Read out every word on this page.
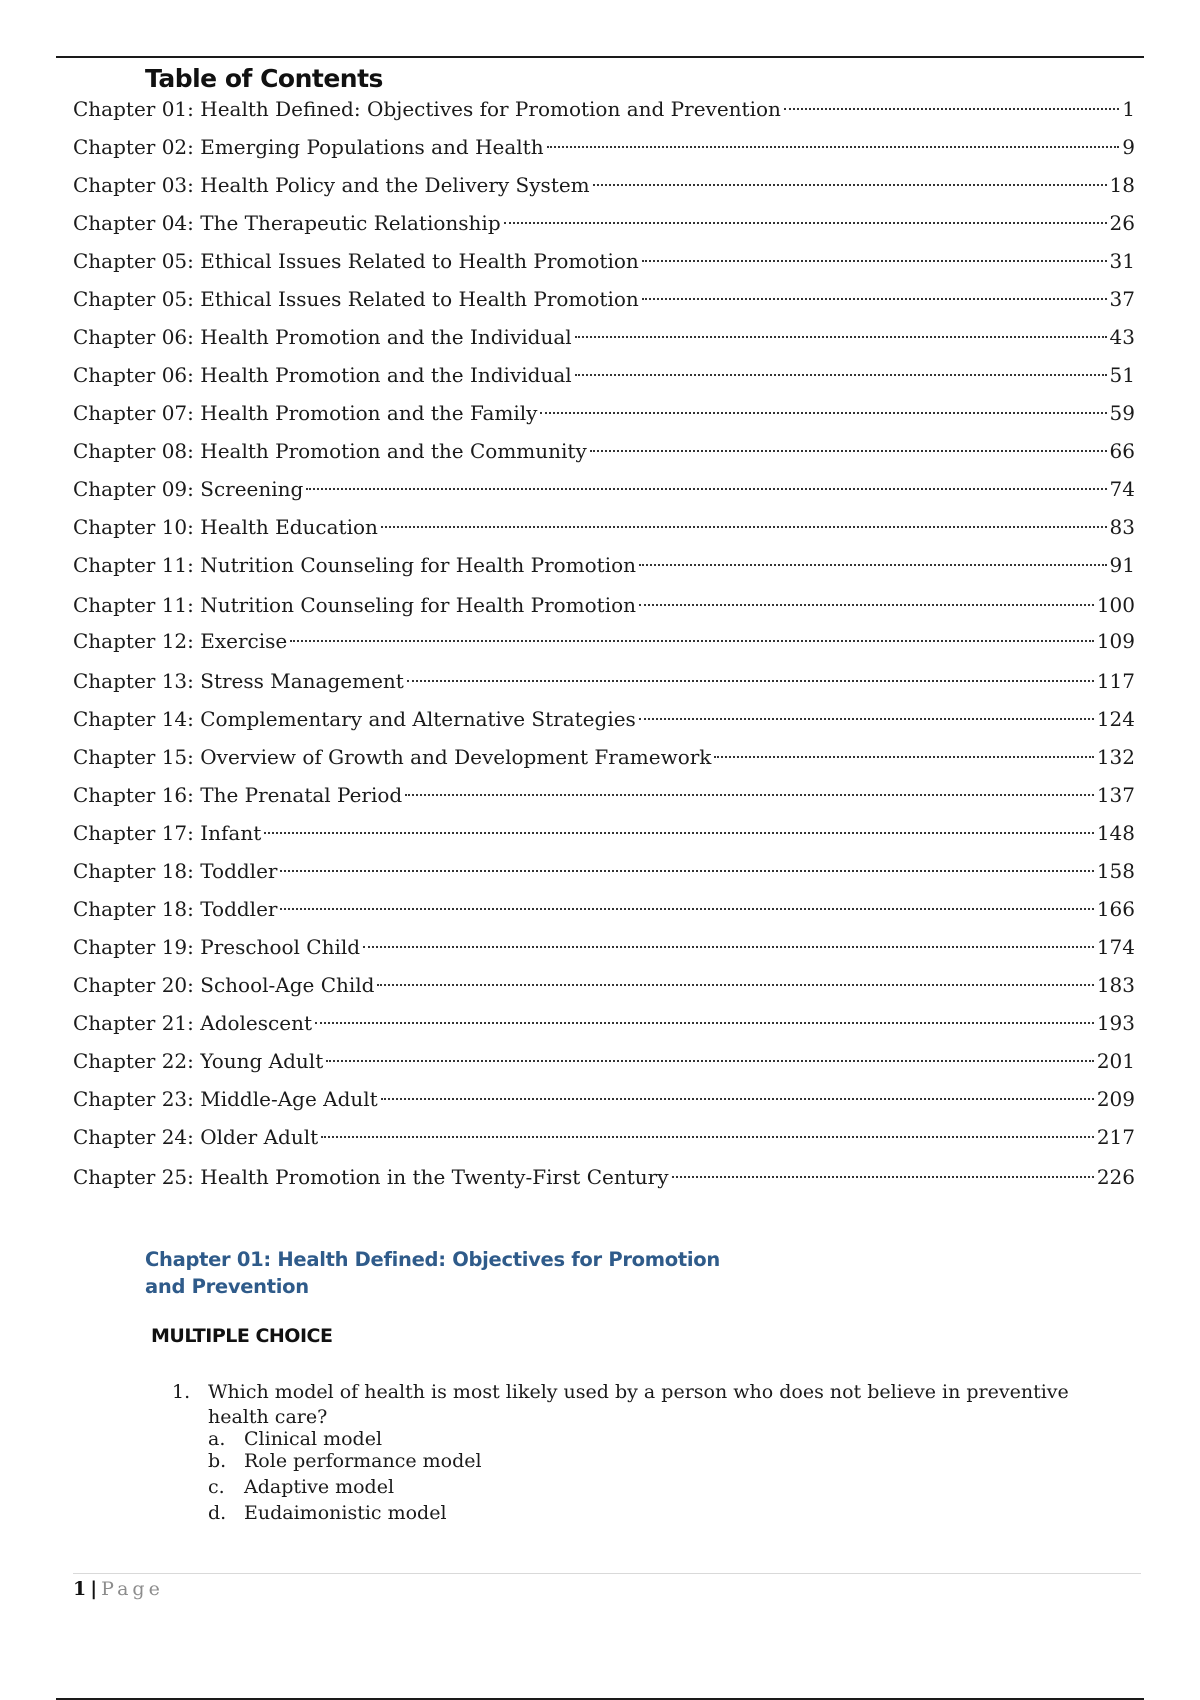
Table of Contents
Chapter 01: Health Defined: Objectives for Promotion and Prevention	1
Chapter 02: Emerging Populations and Health	9
Chapter 03: Health Policy and the Delivery System	18
Chapter 04: The Therapeutic Relationship	26
Chapter 05: Ethical Issues Related to Health Promotion	31
Chapter 05: Ethical Issues Related to Health Promotion	37
Chapter 06: Health Promotion and the Individual	43
Chapter 06: Health Promotion and the Individual	51
Chapter 07: Health Promotion and the Family	59
Chapter 08: Health Promotion and the Community	66
Chapter 09: Screening	74
Chapter 10: Health Education	83
Chapter 11: Nutrition Counseling for Health Promotion	91
Chapter 11: Nutrition Counseling for Health Promotion	100
Chapter 12: Exercise	109
Chapter 13: Stress Management	117
Chapter 14: Complementary and Alternative Strategies	124
Chapter 15: Overview of Growth and Development Framework	132
Chapter 16: The Prenatal Period	137
Chapter 17: Infant	148
Chapter 18: Toddler	158
Chapter 18: Toddler	166
Chapter 19: Preschool Child	174
Chapter 20: School-Age Child	183
Chapter 21: Adolescent	193
Chapter 22: Young Adult	201
Chapter 23: Middle-Age Adult	209
Chapter 24: Older Adult	217
Chapter 25: Health Promotion in the Twenty-First Century	226
Chapter 01: Health Defined: Objectives for Promotion and Prevention
MULTIPLE CHOICE
1. Which model of health is most likely used by a person who does not believe in preventive health care?
a. Clinical model
b. Role performance model
c. Adaptive model
d. Eudaimonistic model
1 | Page
